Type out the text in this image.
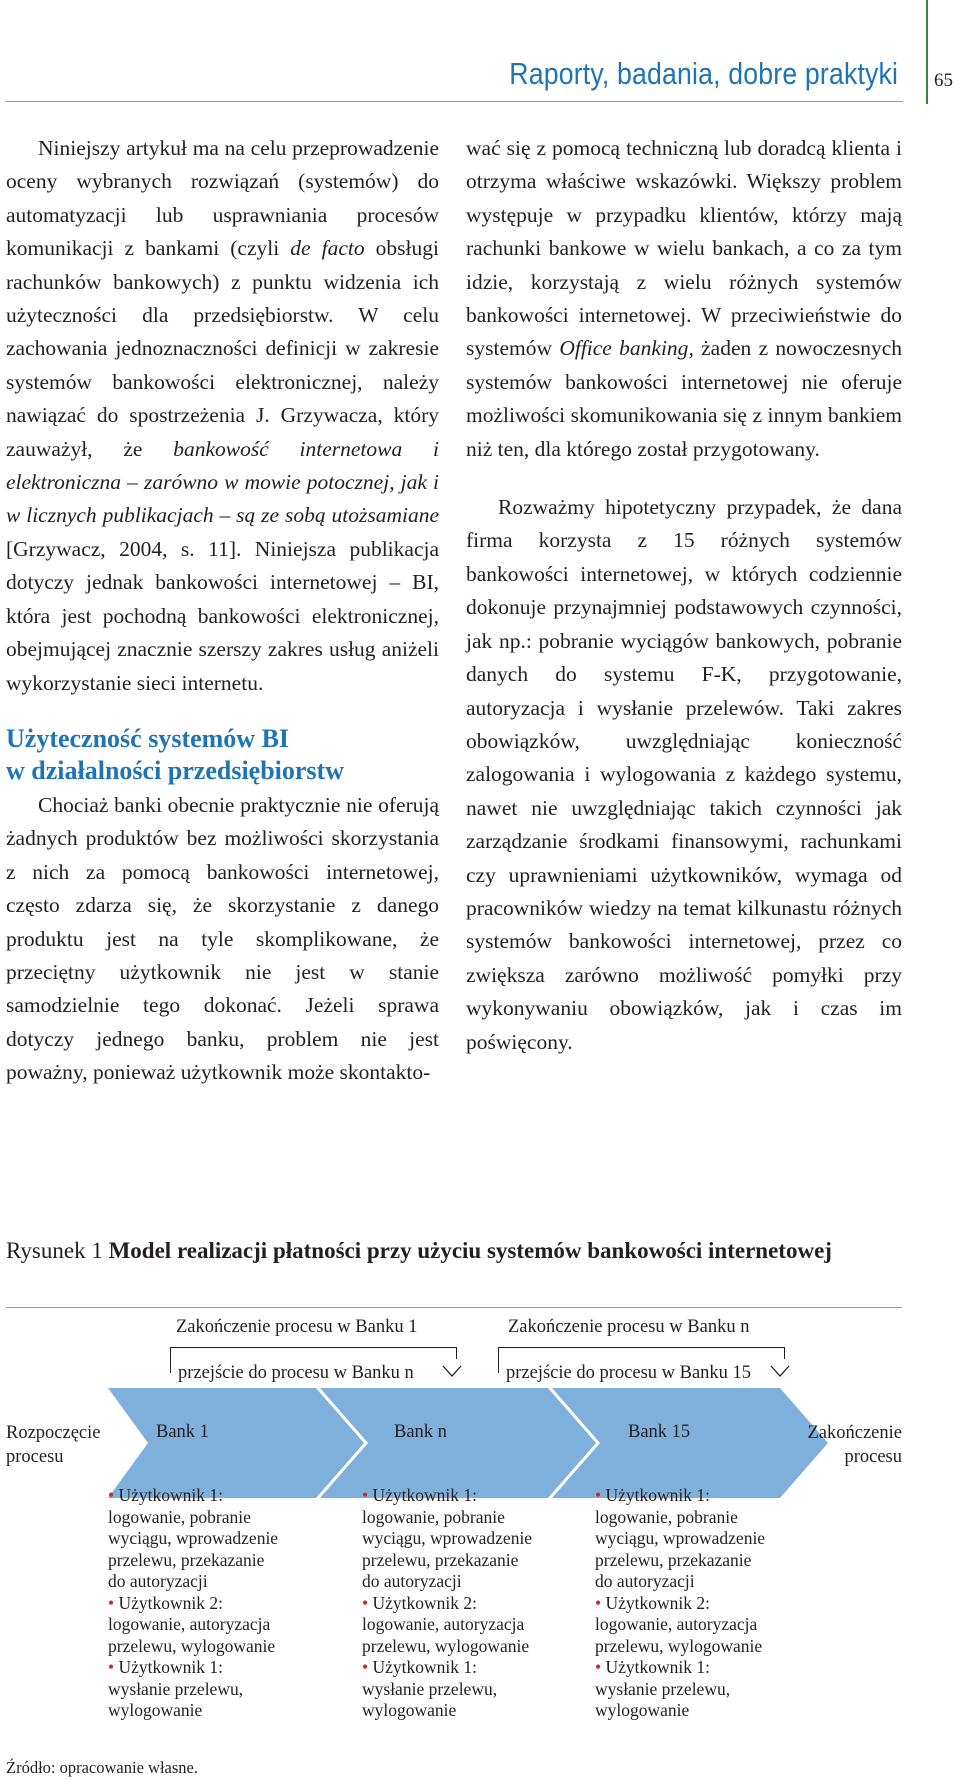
Raporty, badania, dobre praktyki 65

Niniejszy artykuł ma na celu przeprowadzenie oceny wybranych rozwiązań (systemów) do automatyzacji lub usprawniania procesów komunikacji z bankami (czyli de facto obsługi rachunków bankowych) z punktu widzenia ich użyteczności dla przedsiębiorstw. W celu zachowania jednoznaczności definicji w zakresie systemów bankowości elektronicznej, należy nawiązać do spostrzeżenia J. Grzywacza, który zauważył, że bankowość internetowa i elektroniczna – zarówno w mowie potocznej, jak i w licznych publikacjach – są ze sobą utożsamiane [Grzywacz, 2004, s. 11]. Niniejsza publikacja dotyczy jednak bankowości internetowej – BI, która jest pochodną bankowości elektronicznej, obejmującej znacznie szerszy zakres usług aniżeli wykorzystanie sieci internetu.

Użyteczność systemów BI
w działalności przedsiębiorstw

Chociaż banki obecnie praktycznie nie oferują żadnych produktów bez możliwości skorzystania z nich za pomocą bankowości internetowej, często zdarza się, że skorzystanie z danego produktu jest na tyle skomplikowane, że przeciętny użytkownik nie jest w stanie samodzielnie tego dokonać. Jeżeli sprawa dotyczy jednego banku, problem nie jest poważny, ponieważ użytkownik może skontakto-

wać się z pomocą techniczną lub doradcą klienta i otrzyma właściwe wskazówki. Większy problem występuje w przypadku klientów, którzy mają rachunki bankowe w wielu bankach, a co za tym idzie, korzystają z wielu różnych systemów bankowości internetowej. W przeciwieństwie do systemów Office banking, żaden z nowoczesnych systemów bankowości internetowej nie oferuje możliwości skomunikowania się z innym bankiem niż ten, dla którego został przygotowany.

Rozważmy hipotetyczny przypadek, że dana firma korzysta z 15 różnych systemów bankowości internetowej, w których codziennie dokonuje przynajmniej podstawowych czynności, jak np.: pobranie wyciągów bankowych, pobranie danych do systemu F-K, przygotowanie, autoryzacja i wysłanie przelewów. Taki zakres obowiązków, uwzględniając konieczność zalogowania i wylogowania z każdego systemu, nawet nie uwzględniając takich czynności jak zarządzanie środkami finansowymi, rachunkami czy uprawnieniami użytkowników, wymaga od pracowników wiedzy na temat kilkunastu różnych systemów bankowości internetowej, przez co zwiększa zarówno możliwość pomyłki przy wykonywaniu obowiązków, jak i czas im poświęcony.

Rysunek 1 Model realizacji płatności przy użyciu systemów bankowości internetowej
Zakończenie procesu w Banku 1	Zakończenie procesu w Banku n
przejście do procesu w Banku n	przejście do procesu w Banku 15
Rozpoczęcie
procesu
Bank 1	Bank n	Bank 15	Zakończenie
procesu
• Użytkownik 1:
logowanie, pobranie
wyciągu, wprowadzenie
przelewu, przekazanie
do autoryzacji
• Użytkownik 2:
logowanie, autoryzacja
przelewu, wylogowanie
• Użytkownik 1:
wysłanie przelewu,
wylogowanie
• Użytkownik 1:
logowanie, pobranie
wyciągu, wprowadzenie
przelewu, przekazanie
do autoryzacji
• Użytkownik 2:
logowanie, autoryzacja
przelewu, wylogowanie
• Użytkownik 1:
wysłanie przelewu,
wylogowanie
• Użytkownik 1:
logowanie, pobranie
wyciągu, wprowadzenie
przelewu, przekazanie
do autoryzacji
• Użytkownik 2:
logowanie, autoryzacja
przelewu, wylogowanie
• Użytkownik 1:
wysłanie przelewu,
wylogowanie
Źródło: opracowanie własne.
